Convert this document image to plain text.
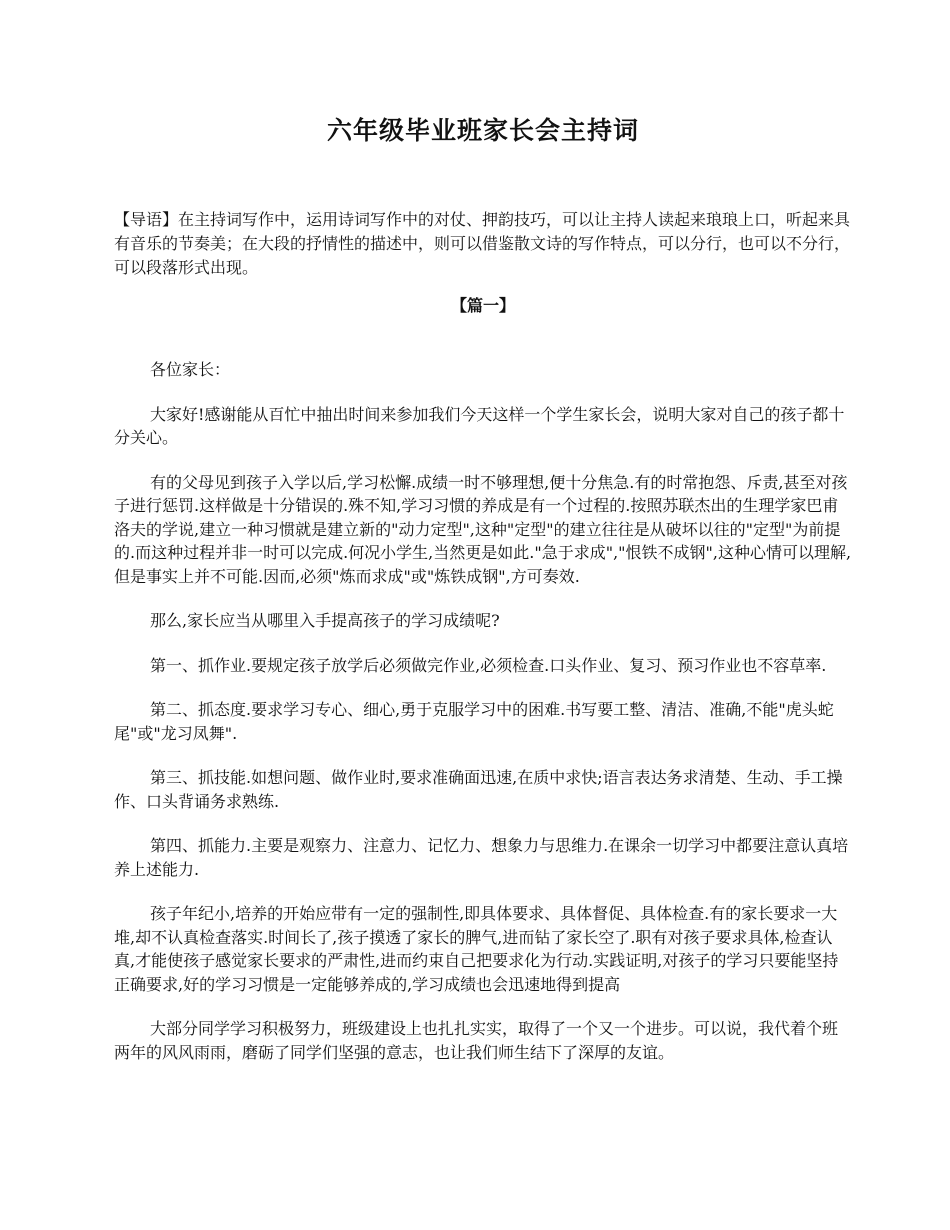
六年级毕业班家长会主持词

【导语】在主持词写作中，运用诗词写作中的对仗、押韵技巧，可以让主持人读起来琅琅上口，听起来具有音乐的节奏美；在大段的抒情性的描述中，则可以借鉴散文诗的写作特点，可以分行，也可以不分行，可以段落形式出现。

【篇一】

各位家长：

大家好!感谢能从百忙中抽出时间来参加我们今天这样一个学生家长会，说明大家对自己的孩子都十分关心。

有的父母见到孩子入学以后,学习松懈.成绩一时不够理想,便十分焦急.有的时常抱怨、斥责,甚至对孩子进行惩罚.这样做是十分错误的.殊不知,学习习惯的养成是有一个过程的.按照苏联杰出的生理学家巴甫洛夫的学说,建立一种习惯就是建立新的"动力定型",这种"定型"的建立往往是从破坏以往的"定型"为前提的.而这种过程并非一时可以完成.何况小学生,当然更是如此."急于求成","恨铁不成钢",这种心情可以理解,但是事实上并不可能.因而,必须"炼而求成"或"炼铁成钢",方可奏效.

那么,家长应当从哪里入手提高孩子的学习成绩呢?

第一、抓作业.要规定孩子放学后必须做完作业,必须检查.口头作业、复习、预习作业也不容草率.

第二、抓态度.要求学习专心、细心,勇于克服学习中的困难.书写要工整、清洁、准确,不能"虎头蛇尾"或"龙习凤舞".

第三、抓技能.如想问题、做作业时,要求准确面迅速,在质中求快;语言表达务求清楚、生动、手工操作、口头背诵务求熟练.

第四、抓能力.主要是观察力、注意力、记忆力、想象力与思维力.在课余一切学习中都要注意认真培养上述能力.

孩子年纪小,培养的开始应带有一定的强制性,即具体要求、具体督促、具体检查.有的家长要求一大堆,却不认真检查落实.时间长了,孩子摸透了家长的脾气,进而钻了家长空了.职有对孩子要求具体,检查认真,才能使孩子感觉家长要求的严肃性,进而约束自己把要求化为行动.实践证明,对孩子的学习只要能坚持正确要求,好的学习习惯是一定能够养成的,学习成绩也会迅速地得到提高

大部分同学学习积极努力，班级建设上也扎扎实实，取得了一个又一个进步。可以说，我代着个班两年的风风雨雨，磨砺了同学们坚强的意志，也让我们师生结下了深厚的友谊。
